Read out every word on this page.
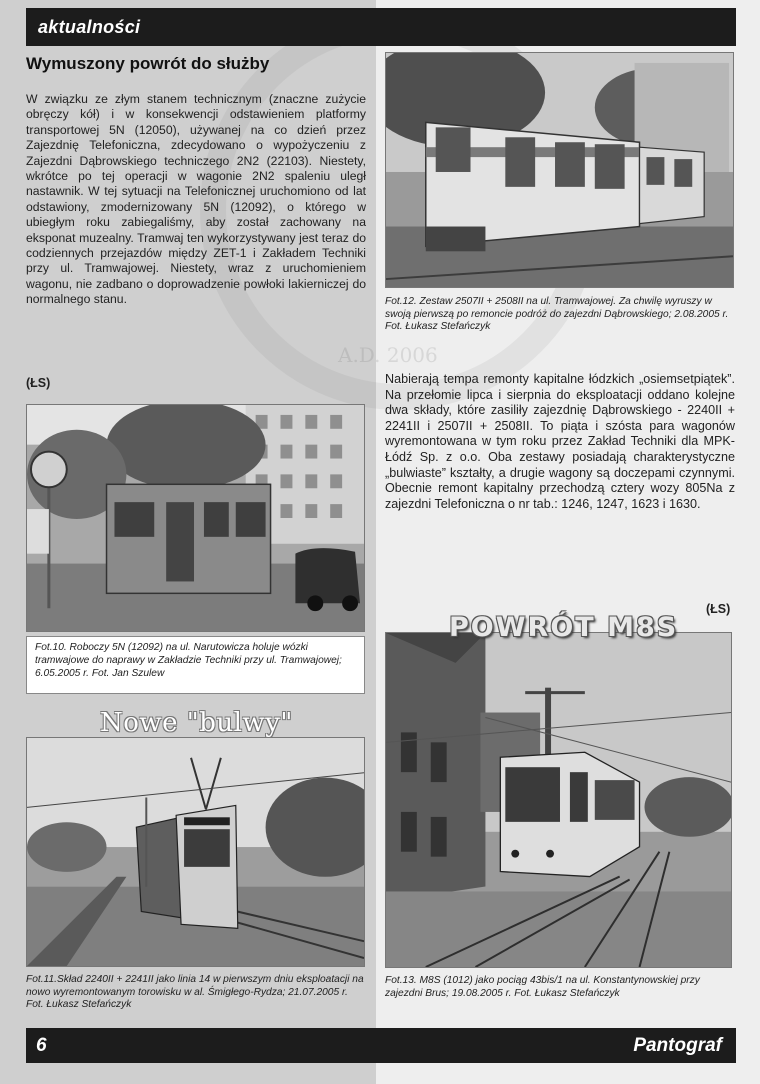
A.D. 2006
aktualności
Wymuszony powrót do służby
W związku ze złym stanem technicznym (znaczne zużycie obręczy kół) i w konsekwencji odstawieniem platformy transportowej 5N (12050), używanej na co dzień przez Zajezdnię Telefoniczna, zdecydowano o wypożyczeniu z Zajezdni Dąbrowskiego techniczego 2N2 (22103). Niestety, wkrótce po tej operacji w wagonie 2N2 spaleniu uległ nastawnik. W tej sytuacji na Telefonicznej uruchomiono od lat odstawiony, zmodernizowany 5N (12092), o którego w ubiegłym roku zabiegaliśmy, aby został zachowany na eksponat muzealny. Tramwaj ten wykorzystywany jest teraz do codziennych przejazdów między ZET-1 i Zakładem Techniki przy ul. Tramwajowej. Niestety, wraz z uruchomieniem wagonu, nie zadbano o doprowadzenie powłoki lakierniczej do normalnego stanu.
(ŁS)
Fot.12. Zestaw 2507II + 2508II na ul. Tramwajowej. Za chwilę wyruszy w swoją pierwszą po remoncie podróż do zajezdni Dąbrowskiego; 2.08.2005 r. Fot. Łukasz Stefańczyk
Nabierają tempa remonty kapitalne łódzkich „osiemsetpiątek”. Na przełomie lipca i sierpnia do eksploatacji oddano kolejne dwa składy, które zasiliły zajezdnię Dąbrowskiego - 2240II + 2241II i 2507II + 2508II. To piąta i szósta para wagonów wyremontowana w tym roku przez Zakład Techniki dla MPK-Łódź Sp. z o.o. Oba zestawy posiadają charakterystyczne „bulwiaste” kształty, a drugie wagony są doczepami czynnymi. Obecnie remont kapitalny przechodzą cztery wozy 805Na z zajezdni Telefoniczna o nr tab.: 1246, 1247, 1623 i 1630.
(ŁS)
Fot.10. Roboczy 5N (12092) na ul. Narutowicza holuje wózki tramwajowe do naprawy w Zakładzie Techniki przy ul. Tramwajowej; 6.05.2005 r. Fot. Jan Szulew
Nowe "bulwy"
Fot.11.Skład 2240II + 2241II jako linia 14 w pierwszym dniu eksploatacji na nowo wyremontowanym torowisku w al. Śmigłego-Rydza; 21.07.2005 r. Fot. Łukasz Stefańczyk
POWRÓT M8S
Fot.13. M8S (1012) jako pociąg 43bis/1 na ul. Konstantynowskiej przy zajezdni Brus; 19.08.2005 r. Fot. Łukasz Stefańczyk
6	Pantograf
